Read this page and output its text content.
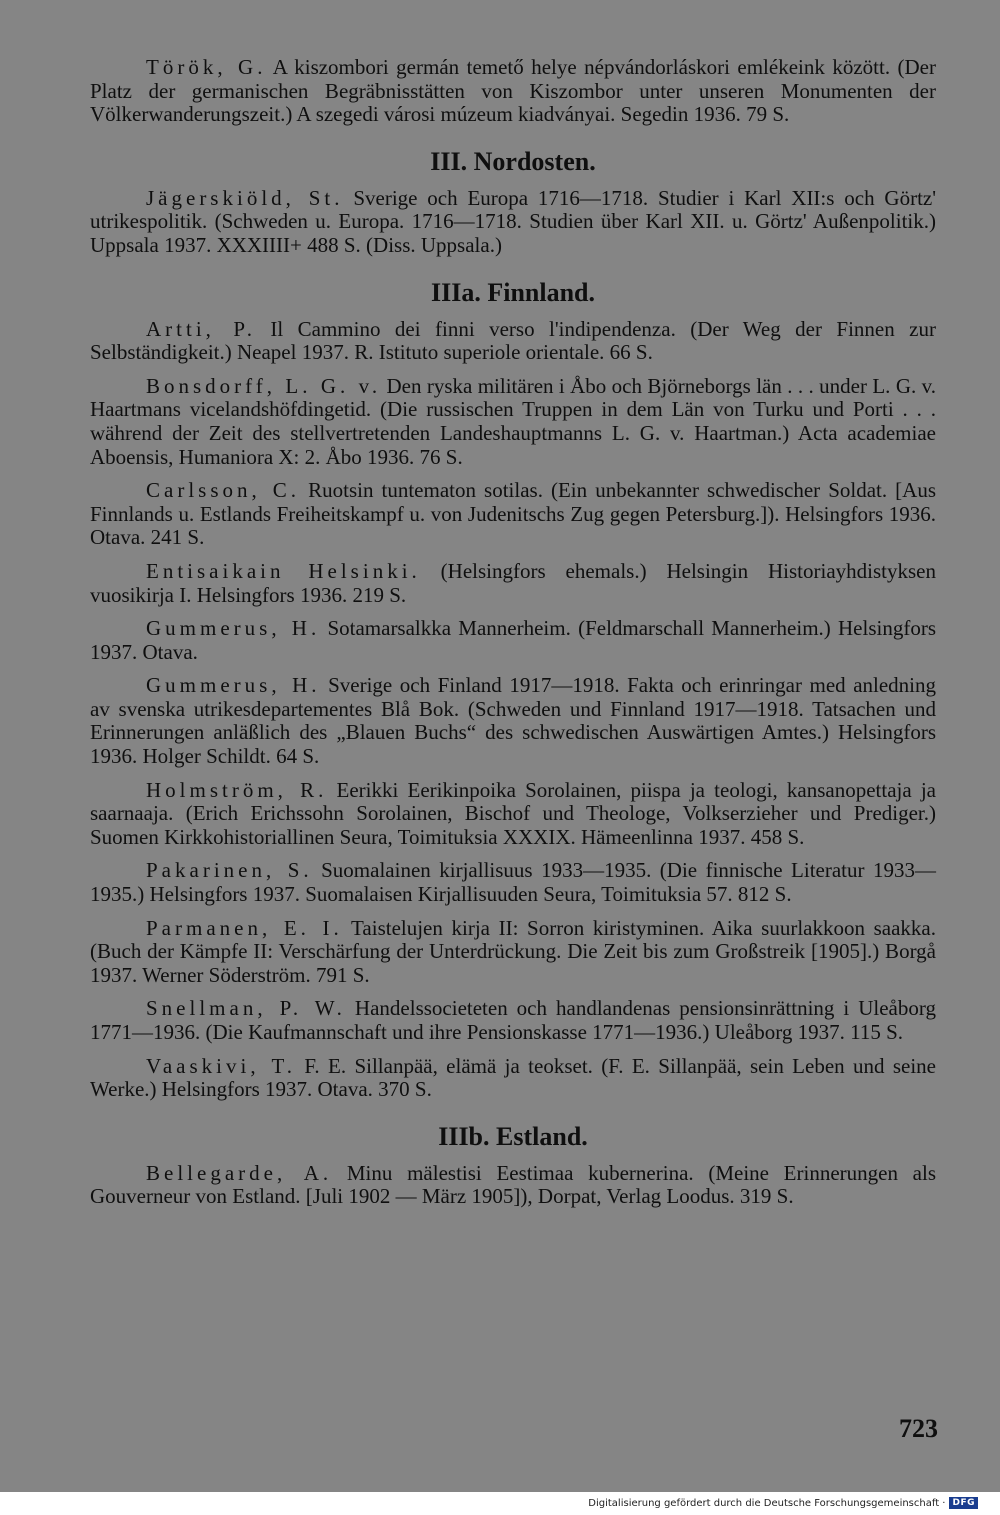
Török, G. A kiszombori germán temető helye népvándorláskori emlékeink között. (Der Platz der germanischen Begräbnisstätten von Kiszombor unter unseren Monumenten der Völkerwanderungszeit.) A szegedi városi múzeum kiadványai. Segedin 1936. 79 S.

III. Nordosten.

Jägerskiöld, St. Sverige och Europa 1716—1718. Studier i Karl XII:s och Görtz' utrikespolitik. (Schweden u. Europa. 1716—1718. Studien über Karl XII. u. Görtz' Außenpolitik.) Uppsala 1937. XXXIIII+ 488 S. (Diss. Uppsala.)

IIIa. Finnland.

Artti, P. Il Cammino dei finni verso l'indipendenza. (Der Weg der Finnen zur Selbständigkeit.) Neapel 1937. R. Istituto superiole orientale. 66 S.

Bonsdorff, L. G. v. Den ryska militären i Åbo och Björneborgs län . . . under L. G. v. Haartmans vicelandshöfdingetid. (Die russischen Truppen in dem Län von Turku und Porti . . . während der Zeit des stellvertretenden Landeshauptmanns L. G. v. Haartman.) Acta academiae Aboensis, Humaniora X: 2. Åbo 1936. 76 S.

Carlsson, C. Ruotsin tuntematon sotilas. (Ein unbekannter schwedischer Soldat. [Aus Finnlands u. Estlands Freiheitskampf u. von Judenitschs Zug gegen Petersburg.]). Helsingfors 1936. Otava. 241 S.

Entisaikain Helsinki. (Helsingfors ehemals.) Helsingin Historiayhdistyksen vuosikirja I. Helsingfors 1936. 219 S.

Gummerus, H. Sotamarsalkka Mannerheim. (Feldmarschall Mannerheim.) Helsingfors 1937. Otava.

Gummerus, H. Sverige och Finland 1917—1918. Fakta och erinringar med anledning av svenska utrikesdepartementes Blå Bok. (Schweden und Finnland 1917—1918. Tatsachen und Erinnerungen anläßlich des „Blauen Buchs“ des schwedischen Auswärtigen Amtes.) Helsingfors 1936. Holger Schildt. 64 S.

Holmström, R. Eerikki Eerikinpoika Sorolainen, piispa ja teologi, kansanopettaja ja saarnaaja. (Erich Erichssohn Sorolainen, Bischof und Theologe, Volkserzieher und Prediger.) Suomen Kirkkohistoriallinen Seura, Toimituksia XXXIX. Hämeenlinna 1937. 458 S.

Pakarinen, S. Suomalainen kirjallisuus 1933—1935. (Die finnische Literatur 1933—1935.) Helsingfors 1937. Suomalaisen Kirjallisuuden Seura, Toimituksia 57. 812 S.

Parmanen, E. I. Taistelujen kirja II: Sorron kiristyminen. Aika suurlakkoon saakka. (Buch der Kämpfe II: Verschärfung der Unterdrückung. Die Zeit bis zum Großstreik [1905].) Borgå 1937. Werner Söderström. 791 S.

Snellman, P. W. Handelssocieteten och handlandenas pensionsinrättning i Uleåborg 1771—1936. (Die Kaufmannschaft und ihre Pensionskasse 1771—1936.) Uleåborg 1937. 115 S.

Vaaskivi, T. F. E. Sillanpää, elämä ja teokset. (F. E. Sillanpää, sein Leben und seine Werke.) Helsingfors 1937. Otava. 370 S.

IIIb. Estland.

Bellegarde, A. Minu mälestisi Eestimaa kubernerina. (Meine Erinnerungen als Gouverneur von Estland. [Juli 1902 — März 1905]), Dorpat, Verlag Loodus. 319 S.

723
Digitalisierung gefördert durch die Deutsche Forschungsgemeinschaft · DFG
